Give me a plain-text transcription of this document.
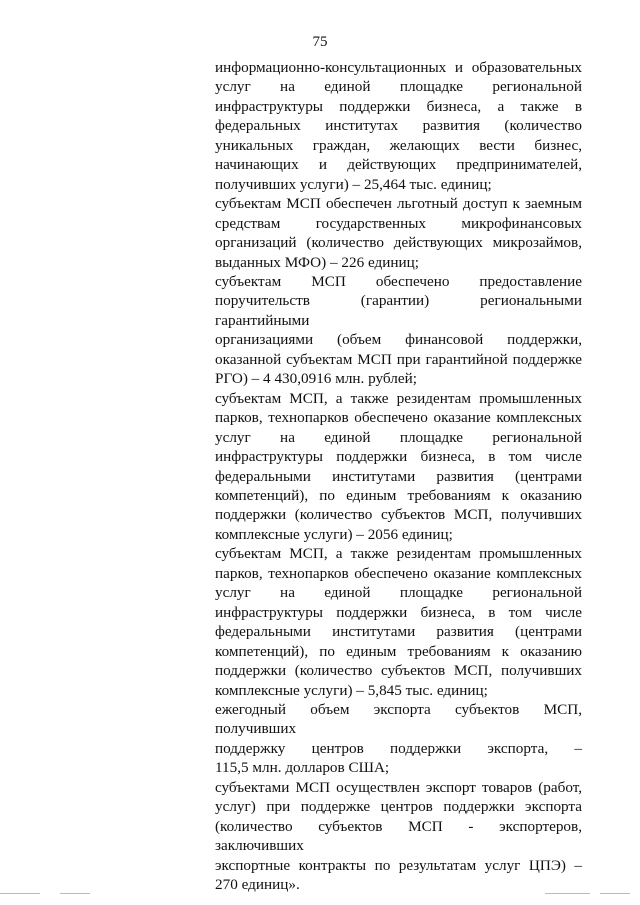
75
информационно-консультационных и образовательных
услуг на единой площадке региональной
инфраструктуры поддержки бизнеса, а также в
федеральных институтах развития (количество
уникальных граждан, желающих вести бизнес,
начинающих и действующих предпринимателей,
получивших услуги) – 25,464 тыс. единиц;
субъектам МСП обеспечен льготный доступ к заемным
средствам государственных микрофинансовых
организаций (количество действующих микрозаймов,
выданных МФО) – 226 единиц;
субъектам МСП обеспечено предоставление
поручительств (гарантии) региональными гарантийными
организациями (объем финансовой поддержки,
оказанной субъектам МСП при гарантийной поддержке
РГО) – 4 430,0916 млн. рублей;
субъектам МСП, а также резидентам промышленных
парков, технопарков обеспечено оказание комплексных
услуг на единой площадке региональной
инфраструктуры поддержки бизнеса, в том числе
федеральными институтами развития (центрами
компетенций), по единым требованиям к оказанию
поддержки (количество субъектов МСП, получивших
комплексные услуги) – 2056 единиц;
субъектам МСП, а также резидентам промышленных
парков, технопарков обеспечено оказание комплексных
услуг на единой площадке региональной
инфраструктуры поддержки бизнеса, в том числе
федеральными институтами развития (центрами
компетенций), по единым требованиям к оказанию
поддержки (количество субъектов МСП, получивших
комплексные услуги) – 5,845 тыс. единиц;
ежегодный объем экспорта субъектов МСП, получивших
поддержку центров поддержки экспорта, –
115,5 млн. долларов США;
субъектами МСП осуществлен экспорт товаров (работ,
услуг) при поддержке центров поддержки экспорта
(количество субъектов МСП - экспортеров, заключивших
экспортные контракты по результатам услуг ЦПЭ) –
270 единиц».
